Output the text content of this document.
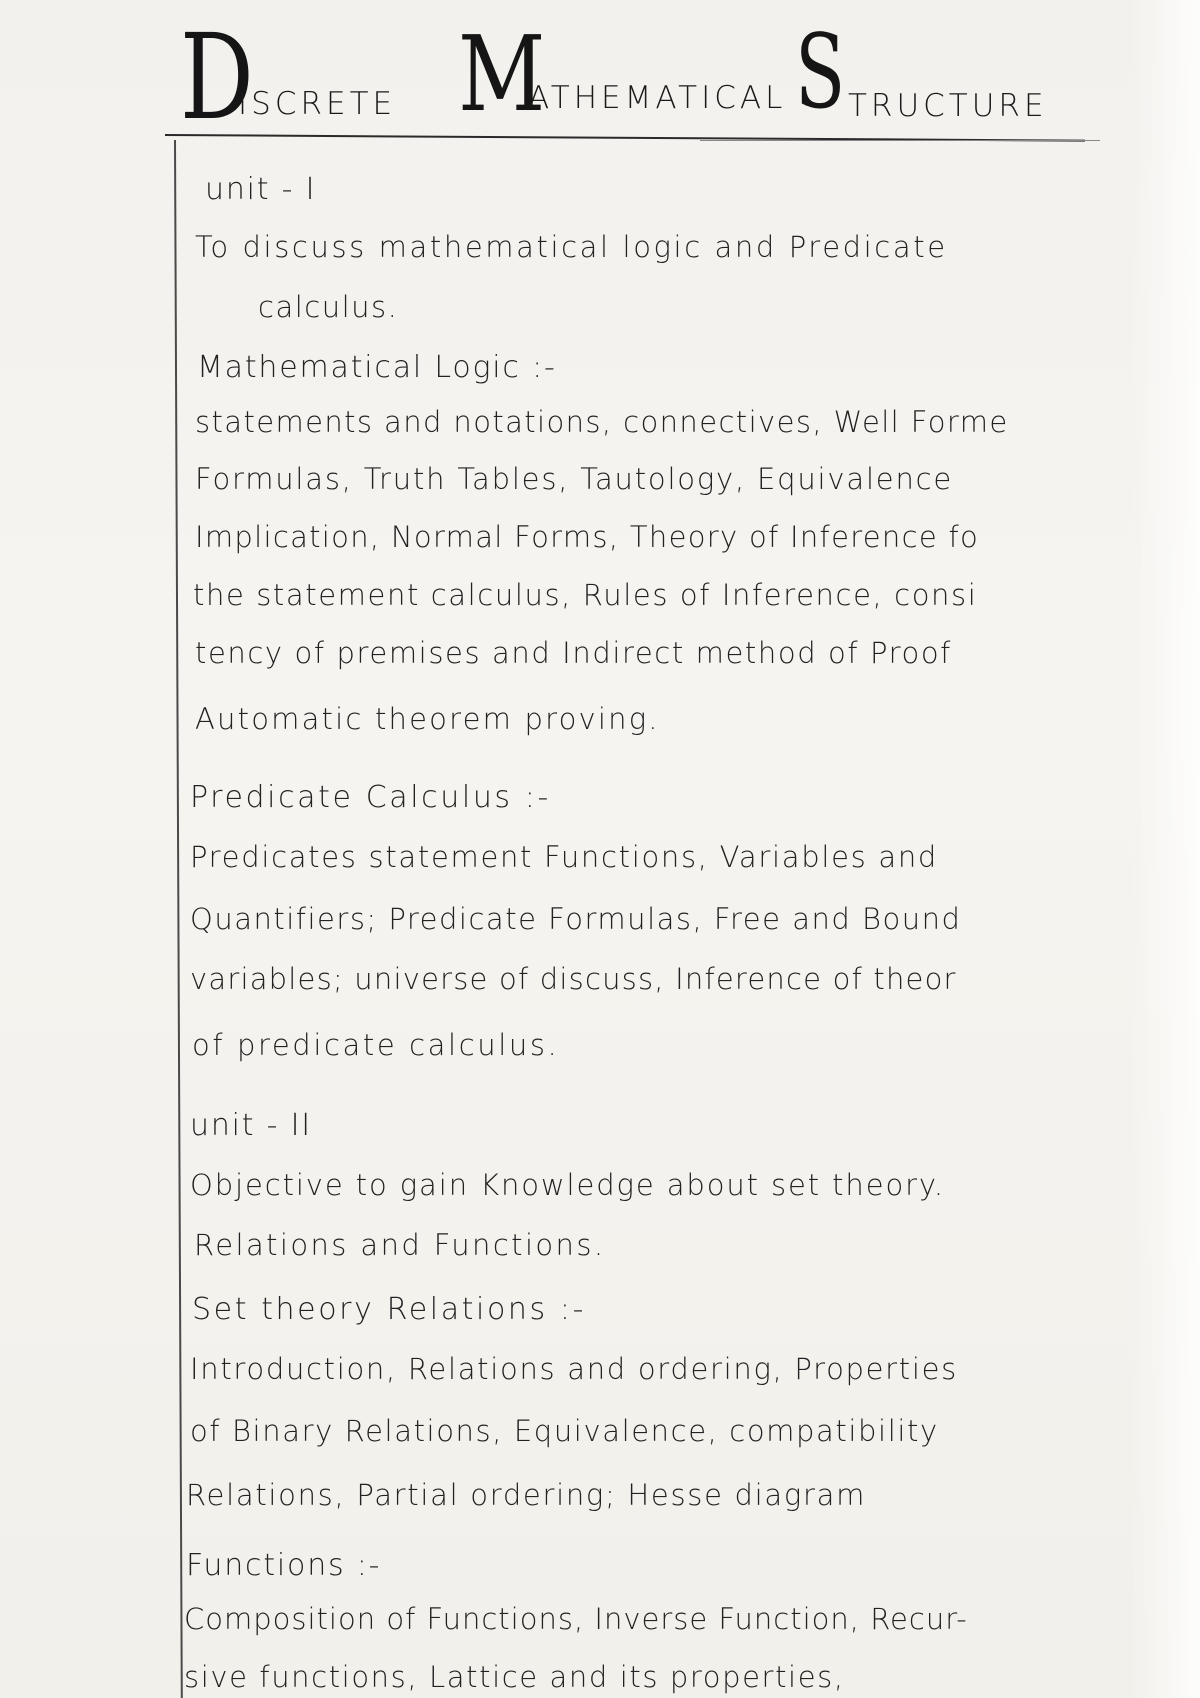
D
ISCRETE M
ATHEMATICAL S TRUCTURE
unit - I
To discuss mathematical logic and Predicate
calculus.
Mathematical Logic :-
statements and notations, connectives, Well Forme
Formulas, Truth Tables, Tautology, Equivalence
Implication, Normal Forms, Theory of Inference fo
the statement calculus, Rules of Inference, consi
tency of premises and Indirect method of Proof
Automatic theorem proving.
Predicate Calculus :-
Predicates statement Functions, Variables and
Quantifiers; Predicate Formulas, Free and Bound
variables; universe of discuss, Inference of theor
of predicate calculus.
unit - II
Objective to gain Knowledge about set theory.
Relations and Functions.
Set theory Relations :-
Introduction, Relations and ordering, Properties
of Binary Relations, Equivalence, compatibility
Relations, Partial ordering; Hesse diagram
Functions :-
Composition of Functions, Inverse Function, Recur-
sive functions, Lattice and its properties,
